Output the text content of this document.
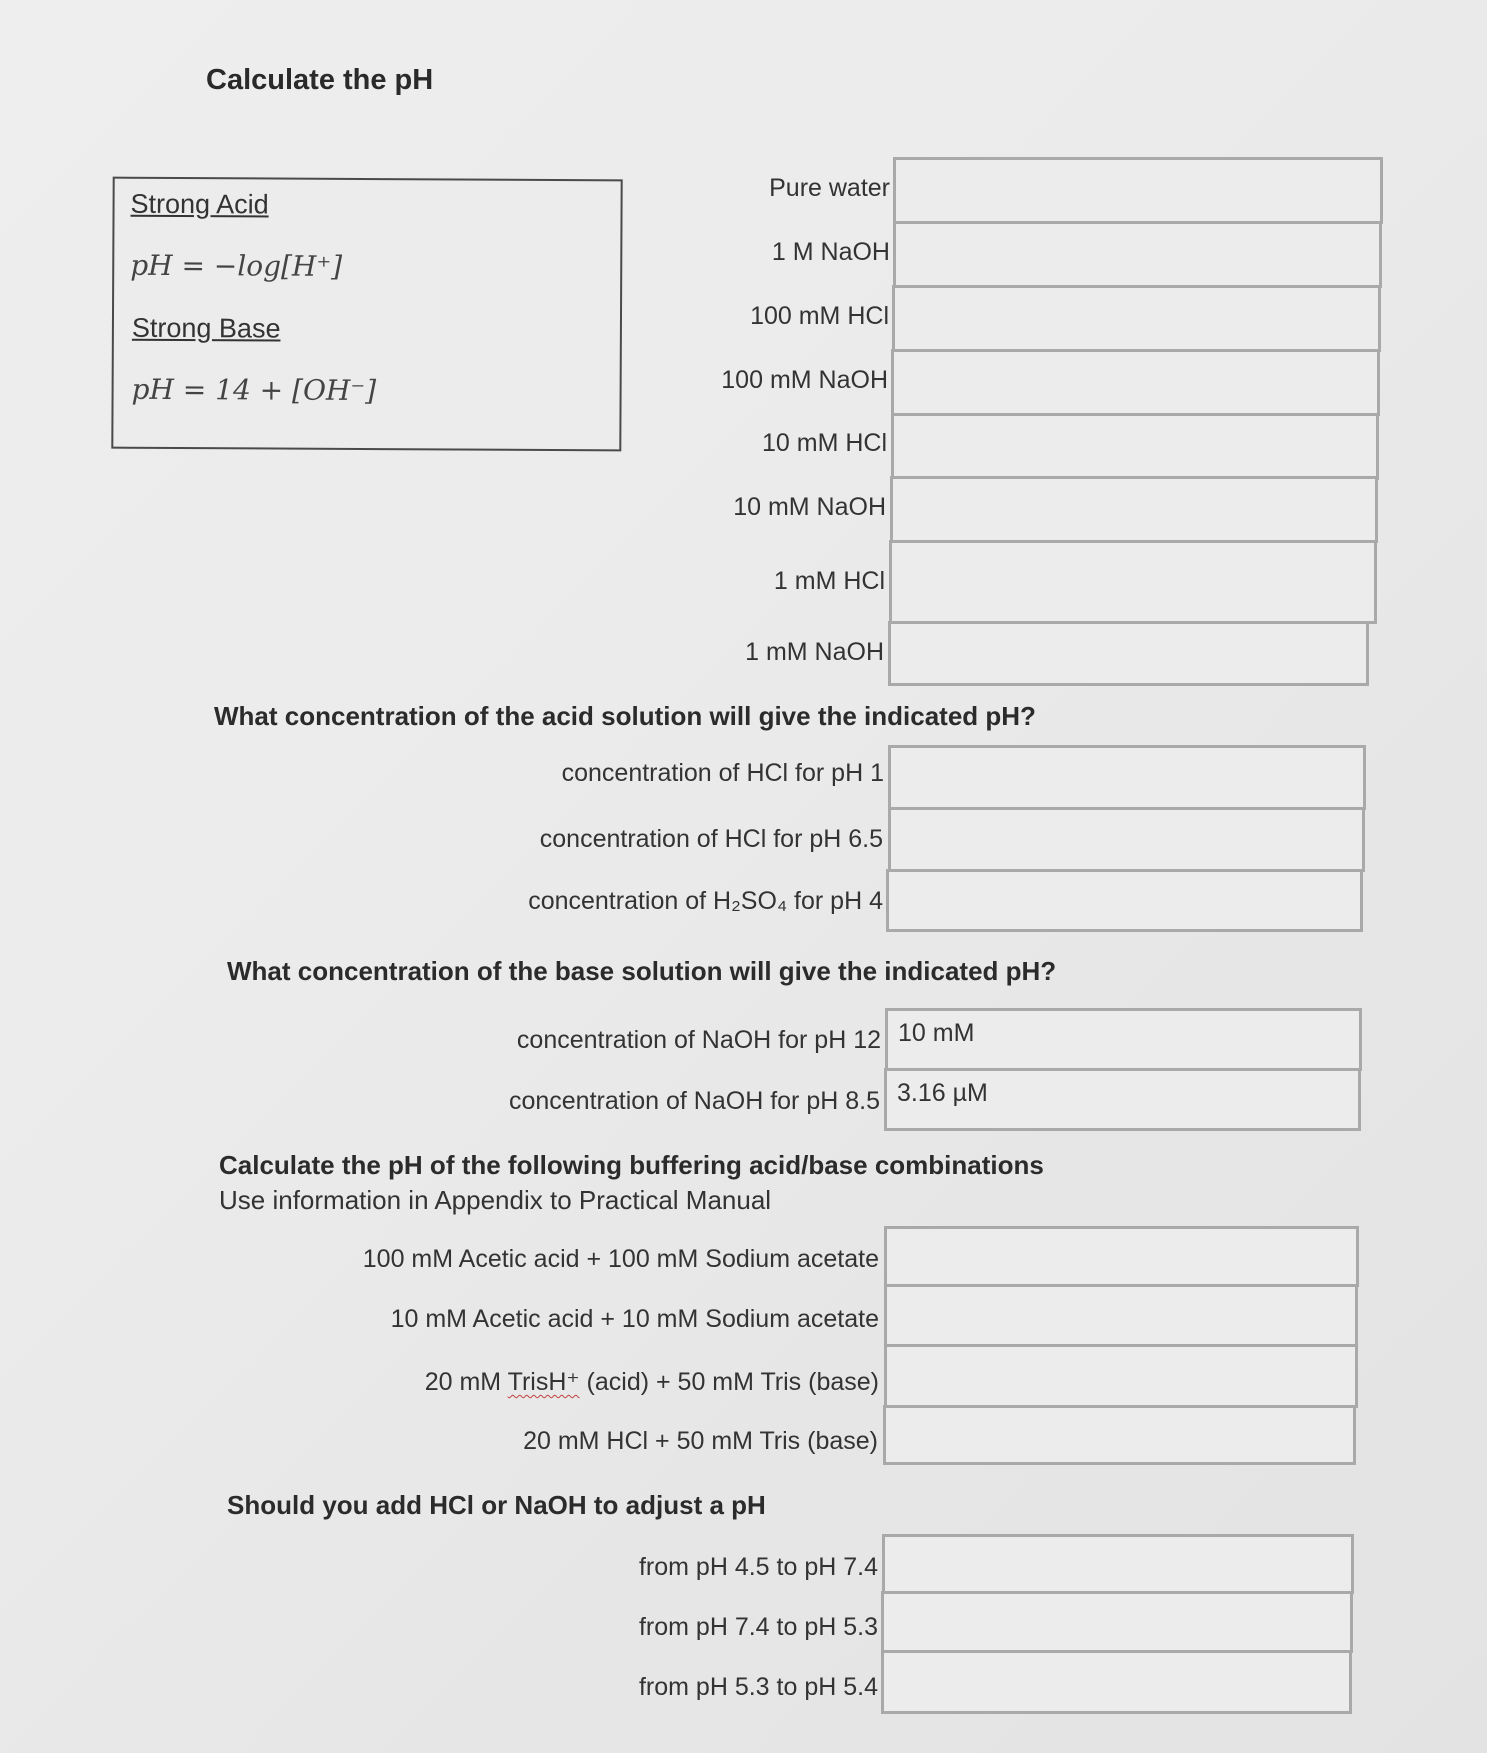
Calculate the pH
Strong Acid
pH = −log[H⁺]
Strong Base
pH = 14 + [OH⁻]
Pure water
1 M NaOH
100 mM HCl
100 mM NaOH
10 mM HCl
10 mM NaOH
1 mM HCl
1 mM NaOH
What concentration of the acid solution will give the indicated pH?
concentration of HCl for pH 1
concentration of HCl for pH 6.5
concentration of H₂SO₄ for pH 4
What concentration of the base solution will give the indicated pH?
concentration of NaOH for pH 12 10 mM
concentration of NaOH for pH 8.5 3.16 µM
Calculate the pH of the following buffering acid/base combinations
Use information in Appendix to Practical Manual
100 mM Acetic acid + 100 mM Sodium acetate
10 mM Acetic acid + 10 mM Sodium acetate
20 mM TrisH⁺ (acid) + 50 mM Tris (base)
20 mM HCl + 50 mM Tris (base)
Should you add HCl or NaOH to adjust a pH
from pH 4.5 to pH 7.4
from pH 7.4 to pH 5.3
from pH 5.3 to pH 5.4
